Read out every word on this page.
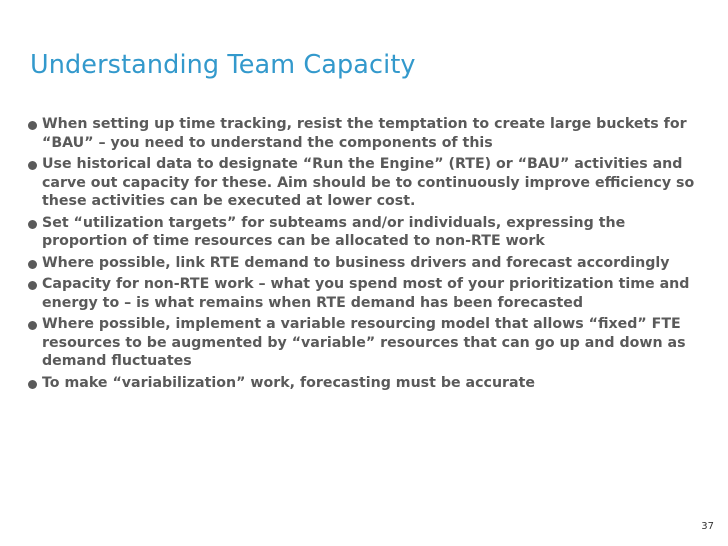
Understanding Team Capacity
When setting up time tracking, resist the temptation to create large buckets for “BAU” – you need to understand the components of this
Use historical data to designate “Run the Engine” (RTE) or “BAU” activities and carve out capacity for these. Aim should be to continuously improve efficiency so these activities can be executed at lower cost.
Set “utilization targets” for subteams and/or individuals, expressing the proportion of time resources can be allocated to non-RTE work
Where possible, link RTE demand to business drivers and forecast accordingly
Capacity for non-RTE work – what you spend most of your prioritization time and energy to – is what remains when RTE demand has been forecasted
Where possible, implement a variable resourcing model that allows “fixed” FTE resources to be augmented by “variable” resources that can go up and down as demand fluctuates
To make “variabilization” work, forecasting must be accurate
37
